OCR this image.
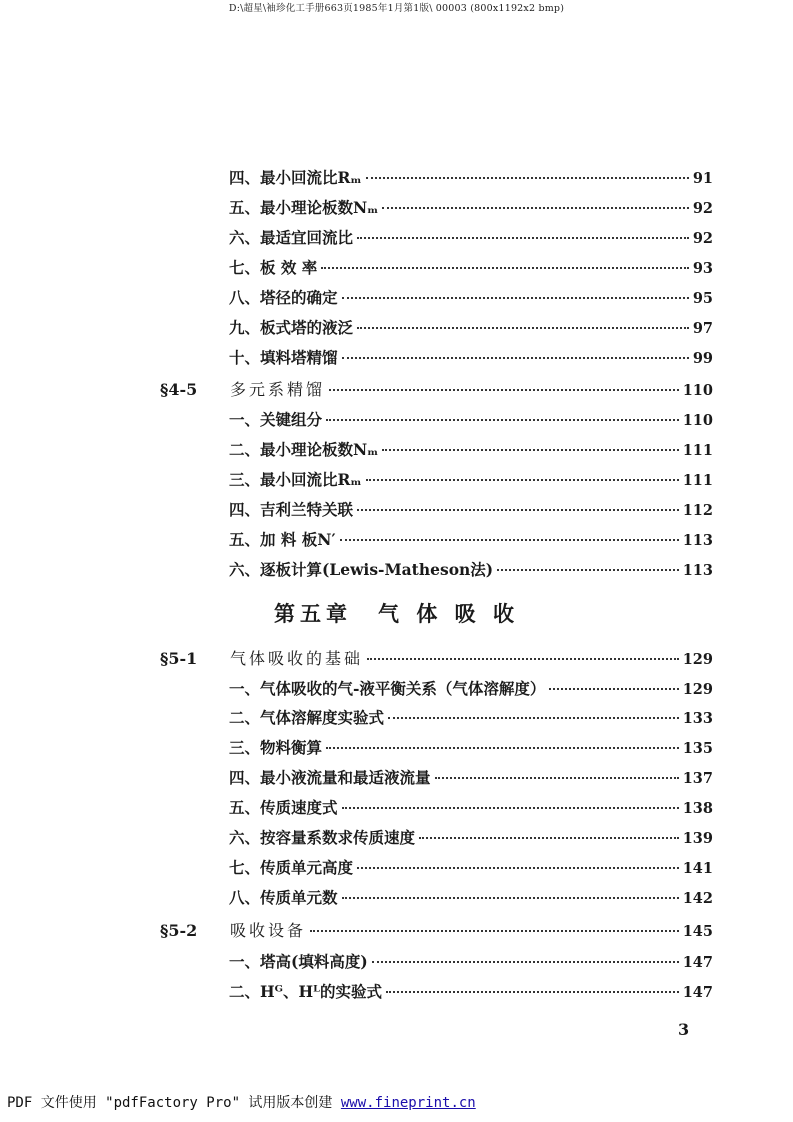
D:\超星\袖珍化工手册663页1985年1月第1版\ 00003 (800x1192x2 bmp)
四、最小回流比Rₘ	91
五、最小理论板数Nₘ	92
六、最适宜回流比	92
七、板 效 率	93
八、塔径的确定	95
九、板式塔的液泛	97
十、填料塔精馏	99
§4-5	多元系精馏	110
一、关键组分	110
二、最小理论板数Nₘ	111
三、最小回流比Rₘ	111
四、吉利兰特关联	112
五、加 料 板N′	113
六、逐板计算(Lewis-Matheson法)	113
第五章　气 体 吸 收
§5-1	气体吸收的基础	129
一、气体吸收的气-液平衡关系（气体溶解度）	129
二、气体溶解度实验式	133
三、物料衡算	135
四、最小液流量和最适液流量	137
五、传质速度式	138
六、按容量系数求传质速度	139
七、传质单元高度	141
八、传质单元数	142
§5-2	吸收设备	145
一、塔高(填料高度)	147
二、Hᴳ、Hᴸ的实验式	147
3
PDF 文件使用 "pdfFactory Pro" 试用版本创建 www.fineprint.cn
